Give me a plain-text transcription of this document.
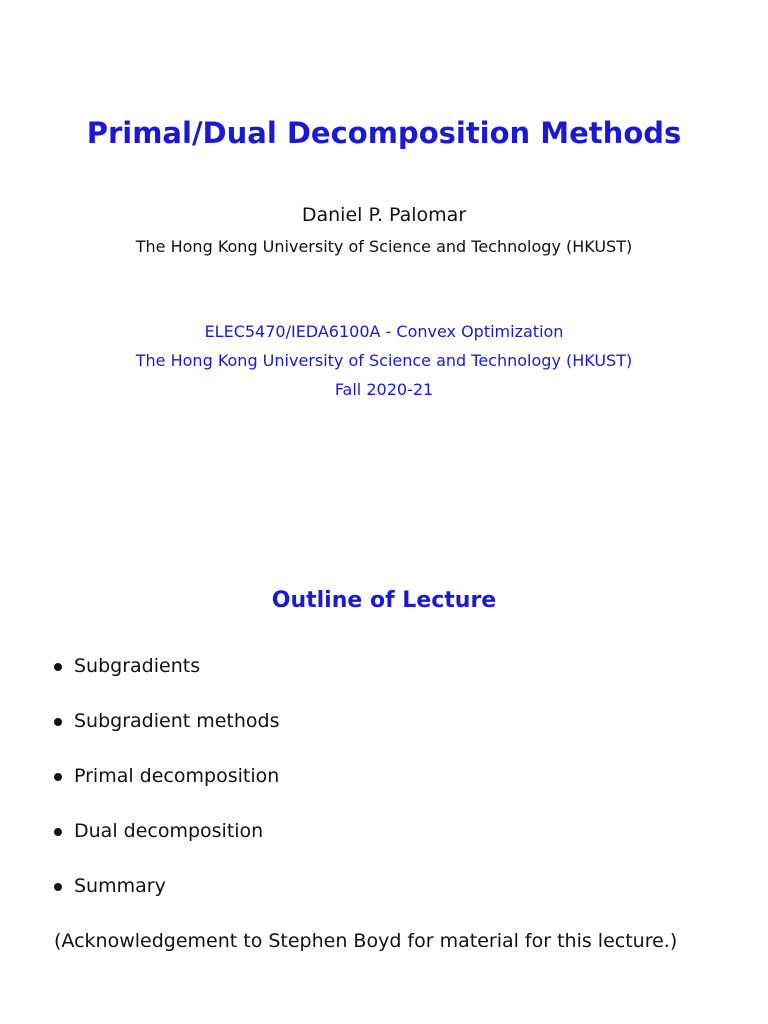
Primal/Dual Decomposition Methods
Daniel P. Palomar
The Hong Kong University of Science and Technology (HKUST)
ELEC5470/IEDA6100A - Convex Optimization
The Hong Kong University of Science and Technology (HKUST)
Fall 2020-21
Outline of Lecture
Subgradients
Subgradient methods
Primal decomposition
Dual decomposition
Summary
(Acknowledgement to Stephen Boyd for material for this lecture.)
